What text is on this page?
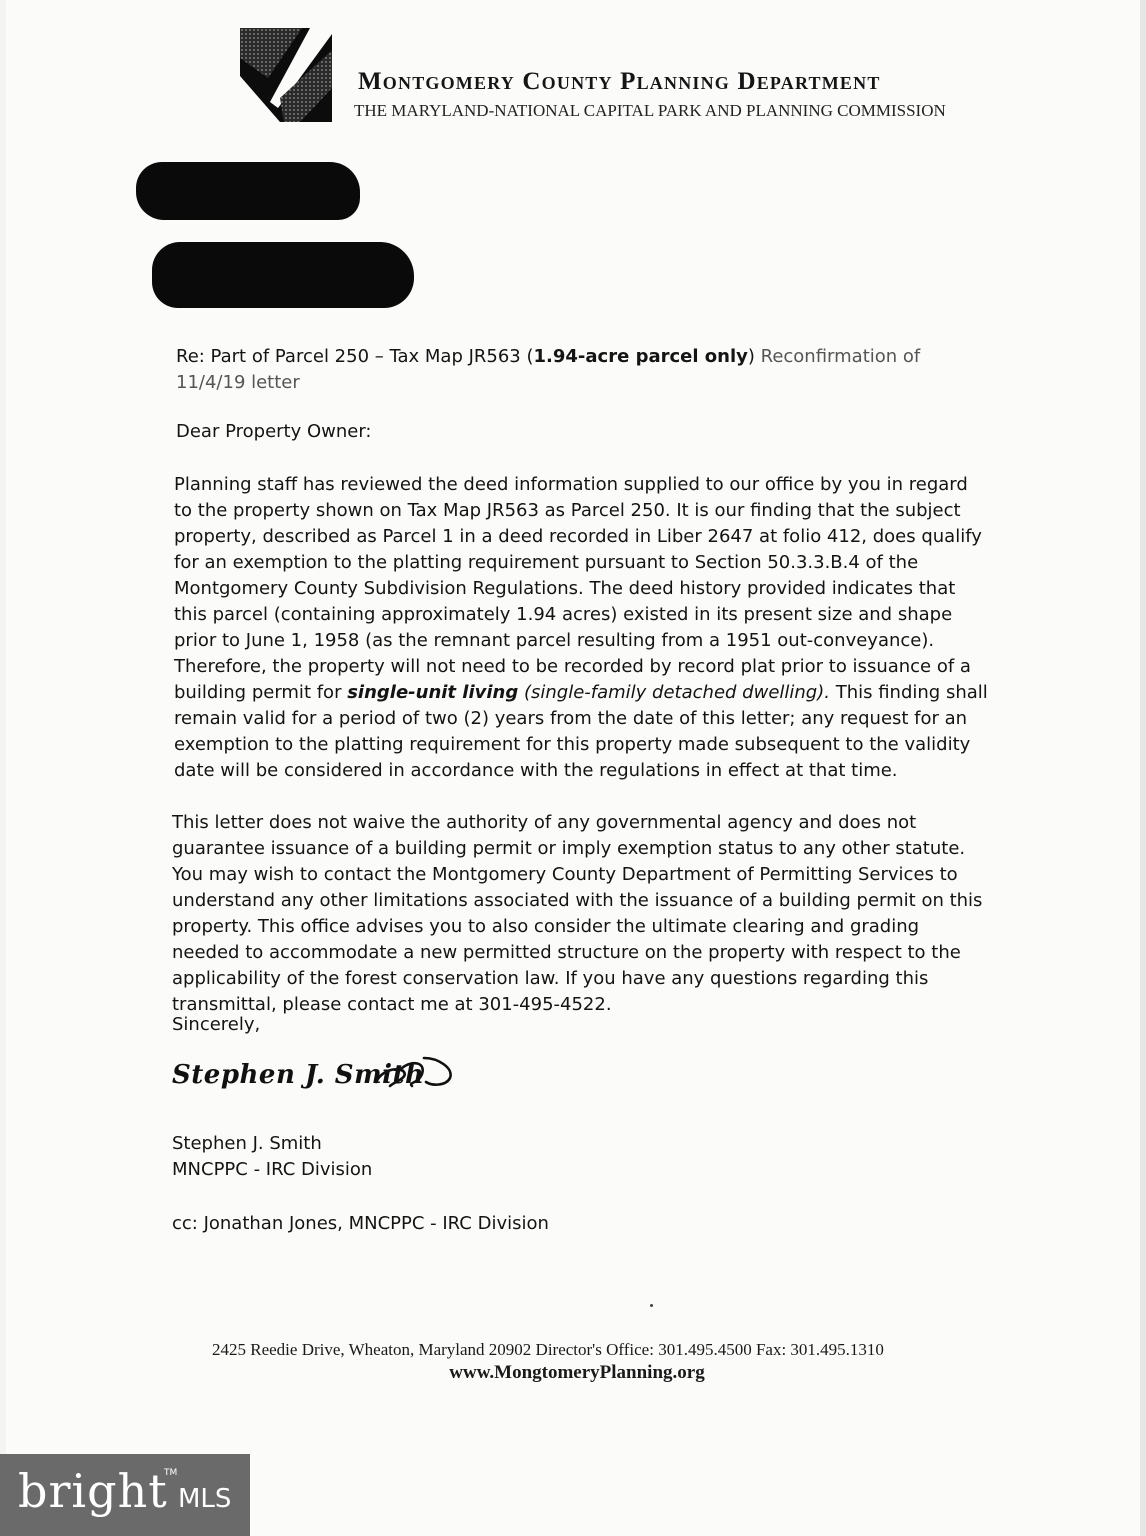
Montgomery County Planning Department
THE MARYLAND-NATIONAL CAPITAL PARK AND PLANNING COMMISSION
Re: Part of Parcel 250 – Tax Map JR563 (1.94-acre parcel only) Reconfirmation of 11/4/19 letter
Dear Property Owner:
Planning staff has reviewed the deed information supplied to our office by you in regard to the property shown on Tax Map JR563 as Parcel 250. It is our finding that the subject property, described as Parcel 1 in a deed recorded in Liber 2647 at folio 412, does qualify for an exemption to the platting requirement pursuant to Section 50.3.3.B.4 of the Montgomery County Subdivision Regulations. The deed history provided indicates that this parcel (containing approximately 1.94 acres) existed in its present size and shape prior to June 1, 1958 (as the remnant parcel resulting from a 1951 out-conveyance). Therefore, the property will not need to be recorded by record plat prior to issuance of a building permit for single-unit living (single-family detached dwelling). This finding shall remain valid for a period of two (2) years from the date of this letter; any request for an exemption to the platting requirement for this property made subsequent to the validity date will be considered in accordance with the regulations in effect at that time.
This letter does not waive the authority of any governmental agency and does not guarantee issuance of a building permit or imply exemption status to any other statute. You may wish to contact the Montgomery County Department of Permitting Services to understand any other limitations associated with the issuance of a building permit on this property. This office advises you to also consider the ultimate clearing and grading needed to accommodate a new permitted structure on the property with respect to the applicability of the forest conservation law. If you have any questions regarding this transmittal, please contact me at 301-495-4522.
Sincerely,
Stephen J. Smith
Stephen J. Smith
MNCPPC - IRC Division
cc: Jonathan Jones, MNCPPC - IRC Division
2425 Reedie Drive, Wheaton, Maryland 20902 Director's Office: 301.495.4500 Fax: 301.495.1310
www.MongtomeryPlanning.org
bright
TM
MLS
